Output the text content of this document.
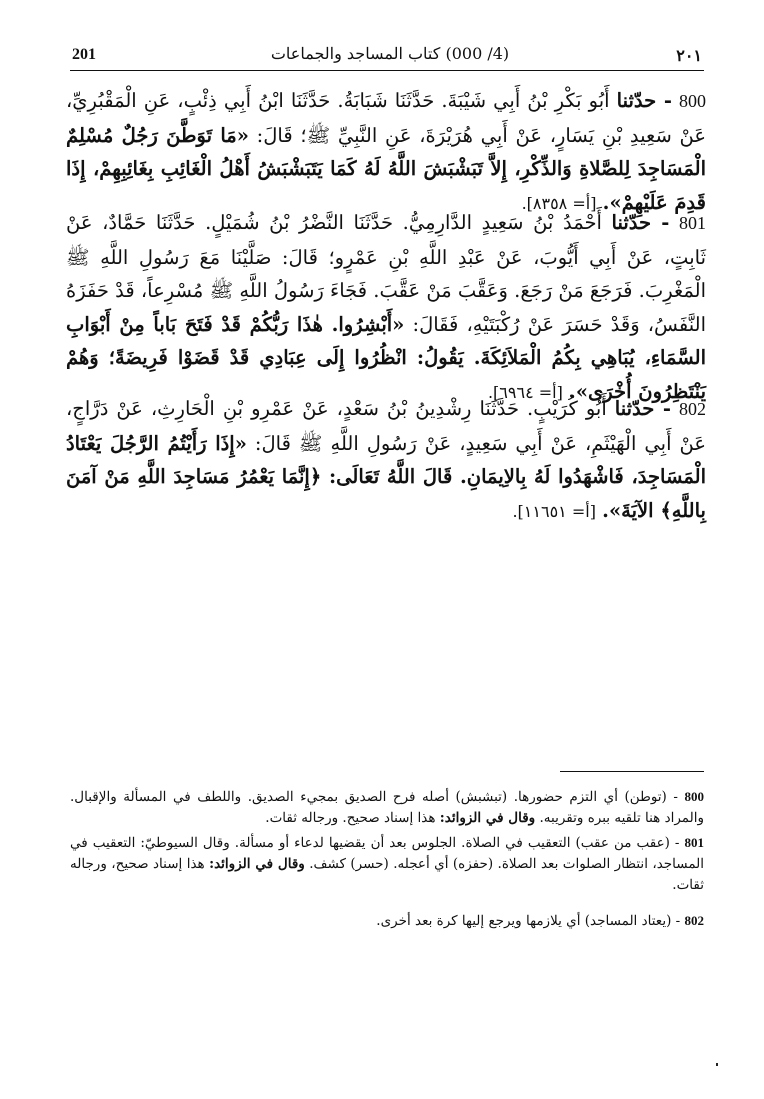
201	(4/ 000) كتاب المساجد والجماعات	٢٠١
800 - حدّثنا أَبُو بَكْرِ بْنُ أَبِي شَيْبَةَ. حَدَّثَنَا شَبَابَةُ. حَدَّثَنَا ابْنُ أَبِي ذِئْبٍ، عَنِ الْمَقْبُرِيِّ، عَنْ سَعِيدِ بْنِ يَسَارٍ، عَنْ أَبِي هُرَيْرَةَ، عَنِ النَّبِيِّ ﷺ؛ قَالَ: «مَا تَوَطَّنَ رَجُلٌ مُسْلِمٌ الْمَسَاجِدَ لِلصَّلاةِ وَالذِّكْرِ، إِلاَّ تَبَشْبَشَ اللَّهُ لَهُ كَمَا يَتَبَشْبَشُ أَهْلُ الْغَائِبِ بِغَائِبِهِمْ، إِذَا قَدِمَ عَلَيْهِمْ». [أ= ٨٣٥٨].
801 - حدّثنا أَحْمَدُ بْنُ سَعِيدٍ الدَّارِمِيُّ. حَدَّثَنَا النَّضْرُ بْنُ شُمَيْلٍ. حَدَّثَنَا حَمَّادٌ، عَنْ ثَابِتٍ، عَنْ أَبِي أَيُّوبَ، عَنْ عَبْدِ اللَّهِ بْنِ عَمْرٍو؛ قَالَ: صَلَّيْنَا مَعَ رَسُولِ اللَّهِ ﷺ الْمَغْرِبَ. فَرَجَعَ مَنْ رَجَعَ. وَعَقَّبَ مَنْ عَقَّبَ. فَجَاءَ رَسُولُ اللَّهِ ﷺ مُسْرِعاً، قَدْ حَفَزَهُ النَّفَسُ، وَقَدْ حَسَرَ عَنْ رُكْبَتَيْهِ، فَقَالَ: «أَبْشِرُوا. هٰذَا رَبُّكُمْ قَدْ فَتَحَ بَاباً مِنْ أَبْوَابِ السَّمَاءِ، يُبَاهِي بِكُمُ الْمَلاَئِكَةَ. يَقُولُ: انْظُرُوا إِلَى عِبَادِي قَدْ قَضَوْا فَرِيضَةً؛ وَهُمْ يَنْتَظِرُونَ أُخْرَى». [أ= ٦٩٦٤].
802 - حدّثنا أَبُو كُرَيْبٍ. حَدَّثَنَا رِشْدِينُ بْنُ سَعْدٍ، عَنْ عَمْرِو بْنِ الْحَارِثِ، عَنْ دَرَّاجٍ، عَنْ أَبِي الْهَيْثَمِ، عَنْ أَبِي سَعِيدٍ، عَنْ رَسُولِ اللَّهِ ﷺ قَالَ: «إِذَا رَأَيْتُمُ الرَّجُلَ يَعْتَادُ الْمَسَاجِدَ، فَاشْهَدُوا لَهُ بِالاِيمَانِ. قَالَ اللَّهُ تَعَالَى: ﴿إِنَّمَا يَعْمُرُ مَسَاجِدَ اللَّهِ مَنْ آمَنَ بِاللَّهِ﴾ الآيَةَ». [أ= ١١٦٥١].
800 - (توطن) أي التزم حضورها. (تبشبش) أصله فرح الصديق بمجيء الصديق. واللطف في المسألة والإقبال. والمراد هنا تلقيه ببره وتقريبه. وقال في الزوائد: هذا إسناد صحيح. ورجاله ثقات.
801 - (عقب من عقب) التعقيب في الصلاة. الجلوس بعد أن يقضيها لدعاء أو مسألة. وقال السيوطيّ: التعقيب في المساجد، انتظار الصلوات بعد الصلاة. (حفزه) أي أعجله. (حسر) كشف. وقال في الزوائد: هذا إسناد صحيح، ورجاله ثقات.
802 - (يعتاد المساجد) أي يلازمها ويرجع إليها كرة بعد أخرى.
